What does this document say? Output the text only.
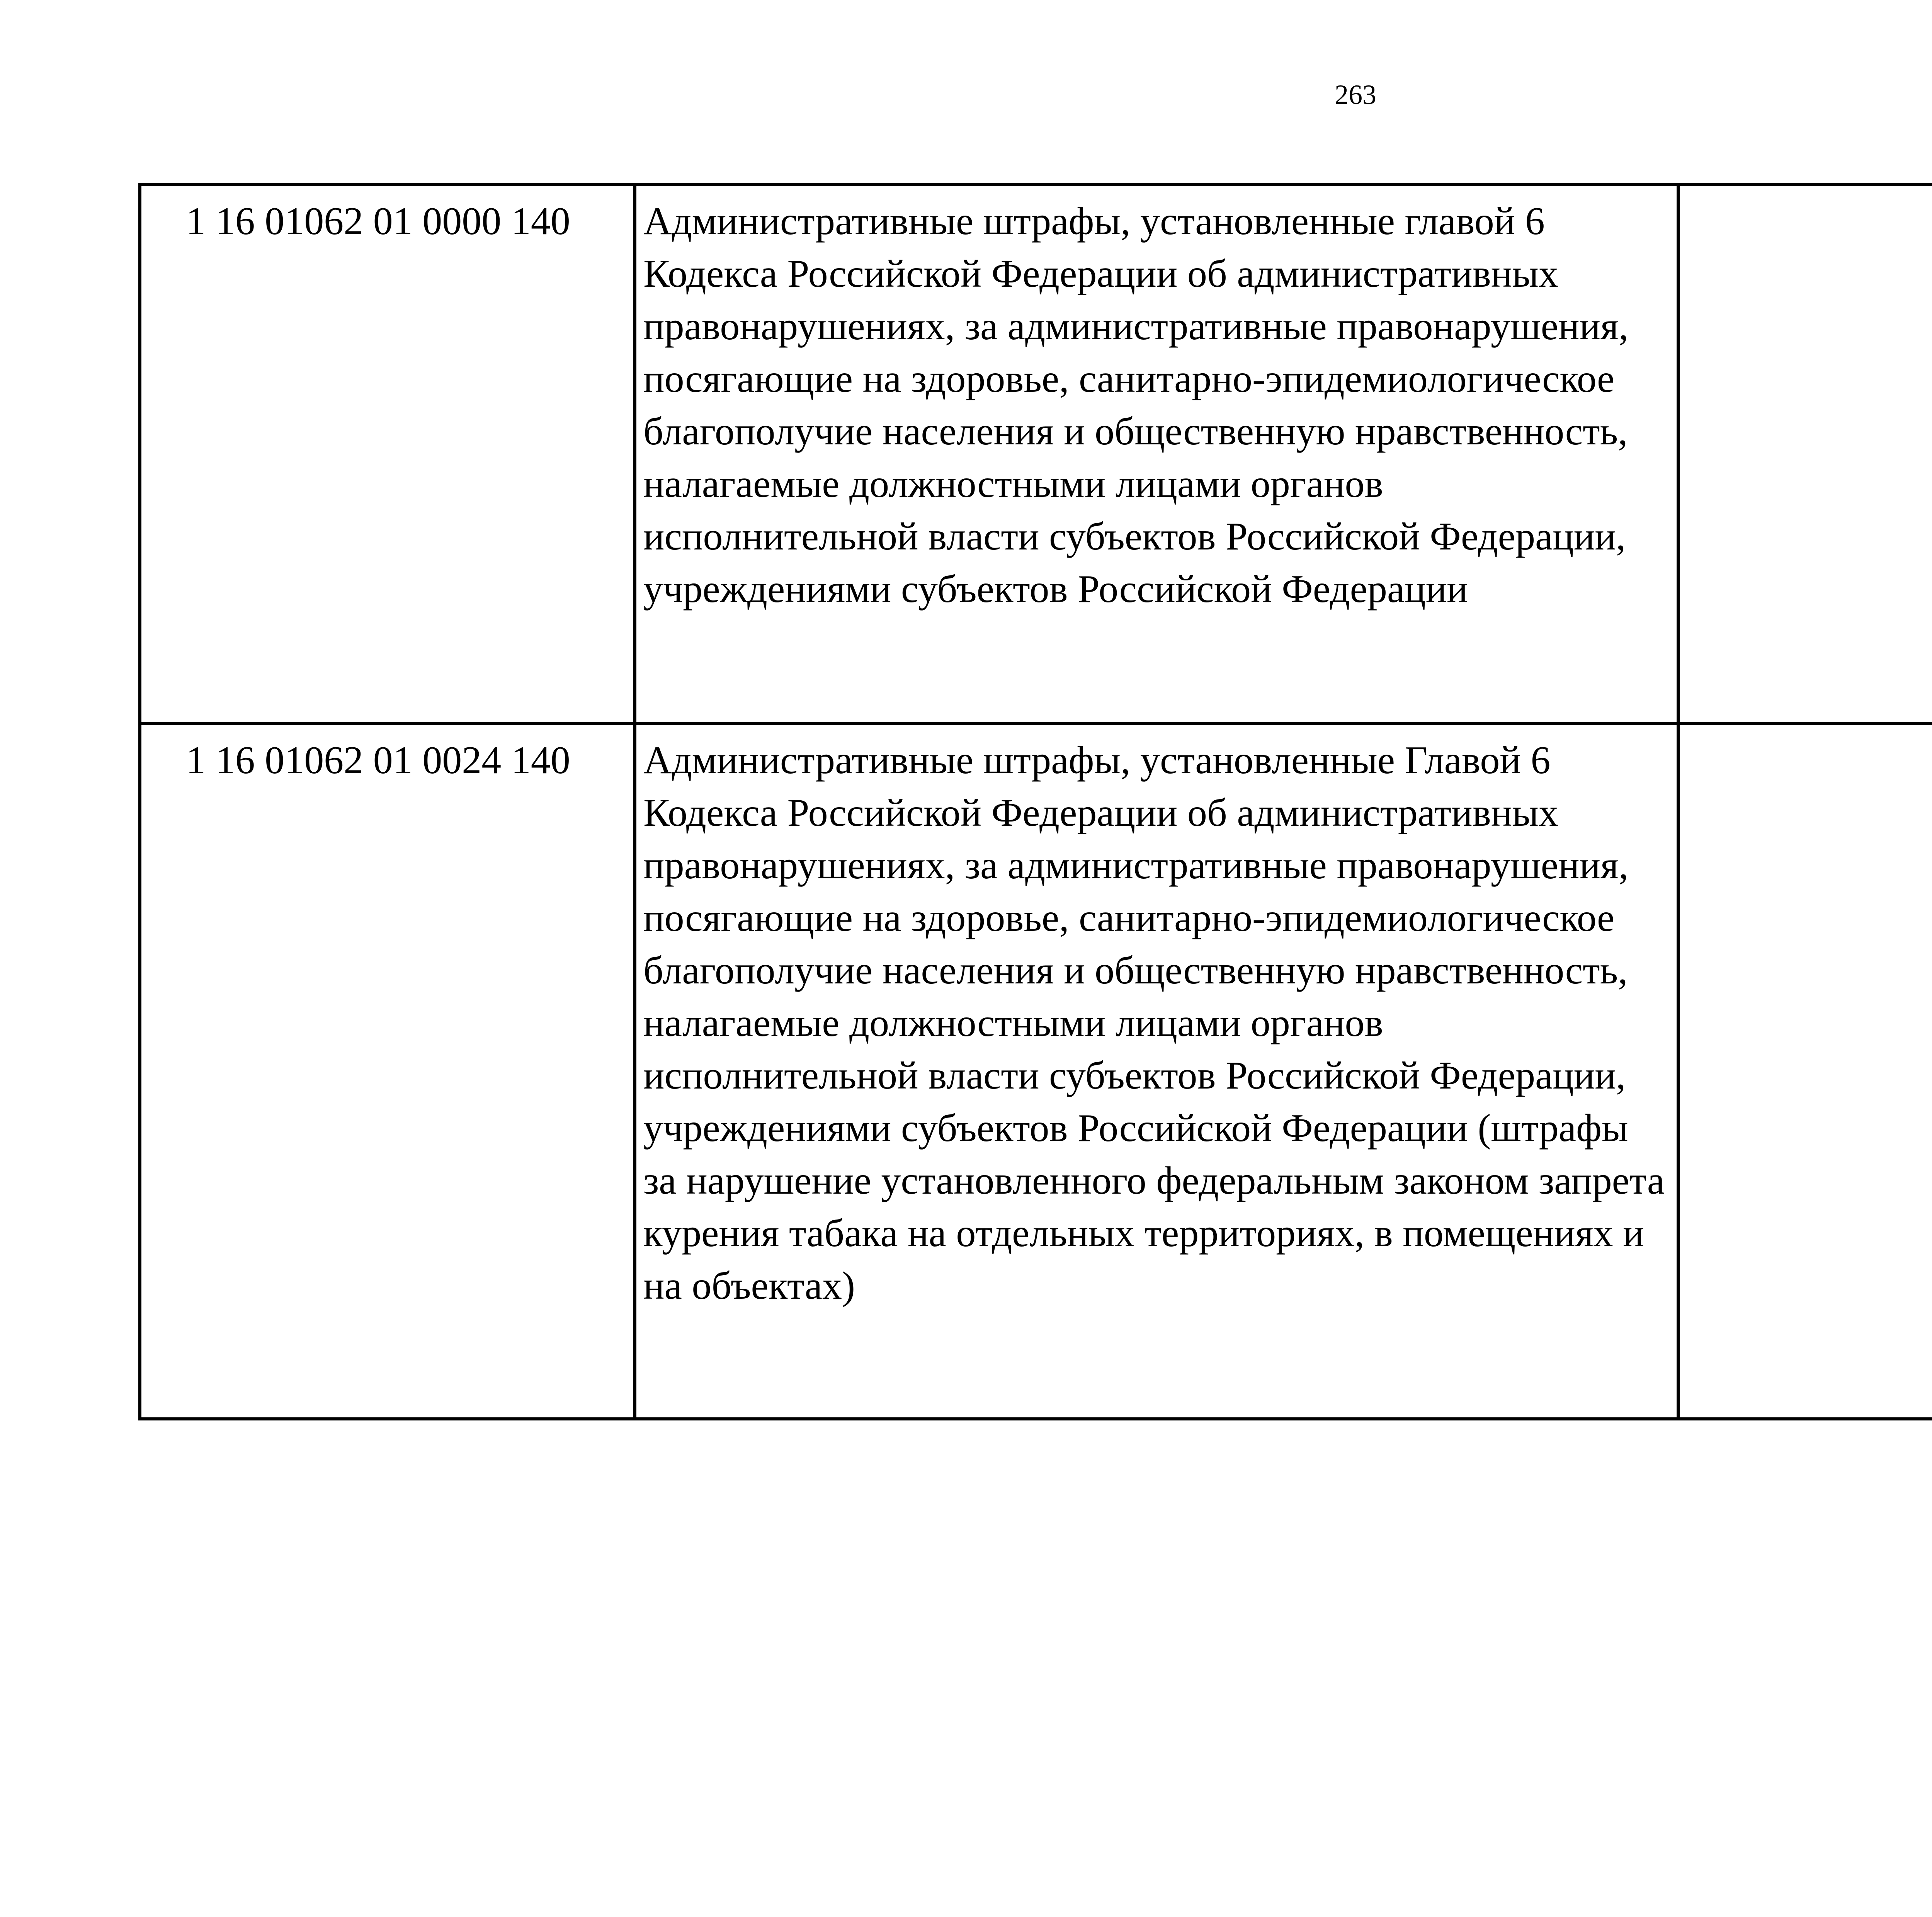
263
1 16 01062 01 0000 140	Административные штрафы, установленные главой 6 Кодекса Российской Федерации об административных правонарушениях, за административные правонарушения, посягающие на здоровье, санитарно-эпидемиологическое благополучие населения и общественную нравственность, налагаемые должностными лицами органов исполнительной власти субъектов Российской Федерации, учреждениями субъектов Российской Федерации			
1 16 01062 01 0024 140	Административные штрафы, установленные Главой 6 Кодекса Российской Федерации об административных правонарушениях, за административные правонарушения, посягающие на здоровье, санитарно-эпидемиологическое благополучие населения и общественную нравственность, налагаемые должностными лицами органов исполнительной власти субъектов Российской Федерации, учреждениями субъектов Российской Федерации (штрафы за нарушение установленного федеральным законом запрета курения табака на отдельных территориях, в помещениях и на объектах)			
